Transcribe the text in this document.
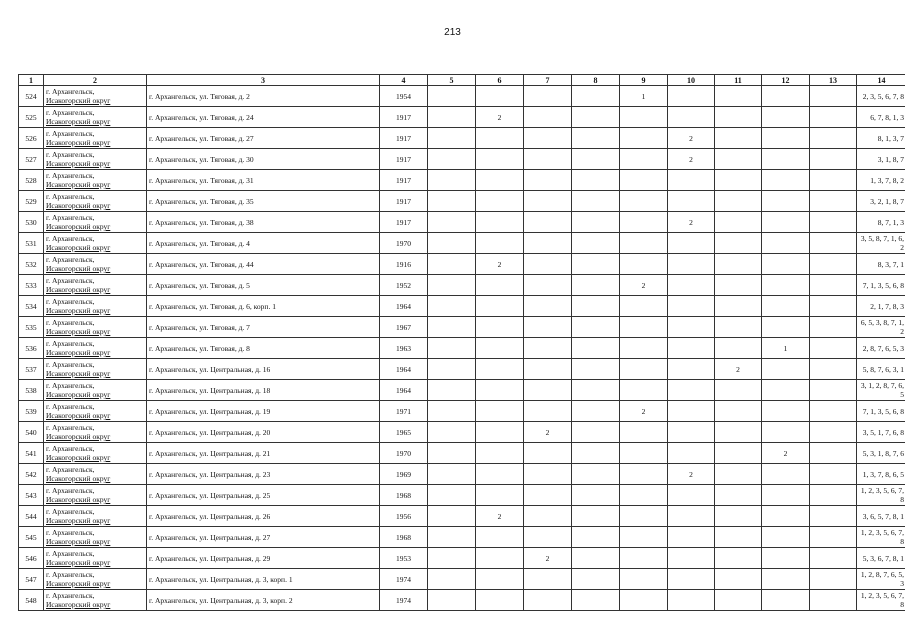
213
1	2	3	4	5	6	7	8	9	10	11	12	13	14
524	г. Архангельск,
Исакогорский округ	г. Архангельск, ул. Тяговая, д. 2	1954					1					2, 3, 5, 6, 7, 8
525	г. Архангельск,
Исакогорский округ	г. Архангельск, ул. Тяговая, д. 24	1917		2								6, 7, 8, 1, 3
526	г. Архангельск,
Исакогорский округ	г. Архангельск, ул. Тяговая, д. 27	1917						2				8, 1, 3, 7
527	г. Архангельск,
Исакогорский округ	г. Архангельск, ул. Тяговая, д. 30	1917						2				3, 1, 8, 7
528	г. Архангельск,
Исакогорский округ	г. Архангельск, ул. Тяговая, д. 31	1917										1, 3, 7, 8, 2
529	г. Архангельск,
Исакогорский округ	г. Архангельск, ул. Тяговая, д. 35	1917										3, 2, 1, 8, 7
530	г. Архангельск,
Исакогорский округ	г. Архангельск, ул. Тяговая, д. 38	1917						2				8, 7, 1, 3
531	г. Архангельск,
Исакогорский округ	г. Архангельск, ул. Тяговая, д. 4	1970										3, 5, 8, 7, 1, 6, 2
532	г. Архангельск,
Исакогорский округ	г. Архангельск, ул. Тяговая, д. 44	1916		2								8, 3, 7, 1
533	г. Архангельск,
Исакогорский округ	г. Архангельск, ул. Тяговая, д. 5	1952					2					7, 1, 3, 5, 6, 8
534	г. Архангельск,
Исакогорский округ	г. Архангельск, ул. Тяговая, д. 6, корп. 1	1964										2, 1, 7, 8, 3
535	г. Архангельск,
Исакогорский округ	г. Архангельск, ул. Тяговая, д. 7	1967										6, 5, 3, 8, 7, 1, 2
536	г. Архангельск,
Исакогорский округ	г. Архангельск, ул. Тяговая, д. 8	1963								1		2, 8, 7, 6, 5, 3
537	г. Архангельск,
Исакогорский округ	г. Архангельск, ул. Центральная, д. 16	1964							2			5, 8, 7, 6, 3, 1
538	г. Архангельск,
Исакогорский округ	г. Архангельск, ул. Центральная, д. 18	1964										3, 1, 2, 8, 7, 6, 5
539	г. Архангельск,
Исакогорский округ	г. Архангельск, ул. Центральная, д. 19	1971					2					7, 1, 3, 5, 6, 8
540	г. Архангельск,
Исакогорский округ	г. Архангельск, ул. Центральная, д. 20	1965			2							3, 5, 1, 7, 6, 8
541	г. Архангельск,
Исакогорский округ	г. Архангельск, ул. Центральная, д. 21	1970								2		5, 3, 1, 8, 7, 6
542	г. Архангельск,
Исакогорский округ	г. Архангельск, ул. Центральная, д. 23	1969						2				1, 3, 7, 8, 6, 5
543	г. Архангельск,
Исакогорский округ	г. Архангельск, ул. Центральная, д. 25	1968										1, 2, 3, 5, 6, 7, 8
544	г. Архангельск,
Исакогорский округ	г. Архангельск, ул. Центральная, д. 26	1956		2								3, 6, 5, 7, 8, 1
545	г. Архангельск,
Исакогорский округ	г. Архангельск, ул. Центральная, д. 27	1968										1, 2, 3, 5, 6, 7, 8
546	г. Архангельск,
Исакогорский округ	г. Архангельск, ул. Центральная, д. 29	1953			2							5, 3, 6, 7, 8, 1
547	г. Архангельск,
Исакогорский округ	г. Архангельск, ул. Центральная, д. 3, корп. 1	1974										1, 2, 8, 7, 6, 5, 3
548	г. Архангельск,
Исакогорский округ	г. Архангельск, ул. Центральная, д. 3, корп. 2	1974										1, 2, 3, 5, 6, 7, 8
